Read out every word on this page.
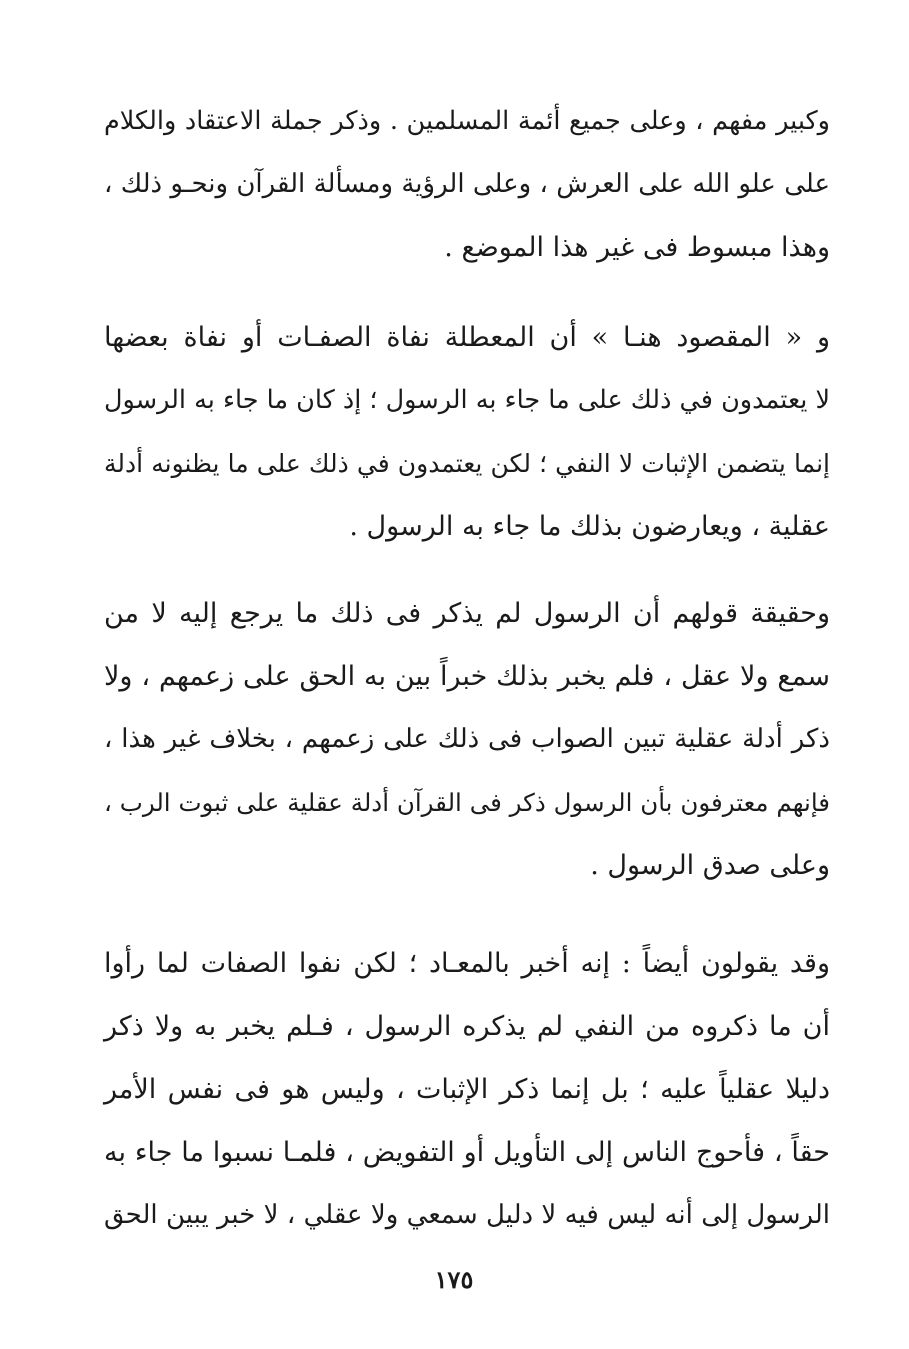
وكبير مفهم ، وعلى جميع أئمة المسلمين . وذكر جملة الاعتقاد والكلام
على علو الله على العرش ، وعلى الرؤية ومسألة القرآن ونحـو ذلك ،
وهذا مبسوط فى غير هذا الموضع .
و « المقصود هنـا » أن المعطلة نفاة الصفـات أو نفاة بعضها
لا يعتمدون في ذلك على ما جاء به الرسول ؛ إذ كان ما جاء به الرسول
إنما يتضمن الإثبات لا النفي ؛ لكن يعتمدون في ذلك على ما يظنونه أدلة
عقلية ، ويعارضون بذلك ما جاء به الرسول .
وحقيقة قولهم أن الرسول لم يذكر فى ذلك ما يرجع إليه لا من
سمع ولا عقل ، فلم يخبر بذلك خبراً بين به الحق على زعمهم ، ولا
ذكر أدلة عقلية تبين الصواب فى ذلك على زعمهم ، بخلاف غير هذا ،
فإنهم معترفون بأن الرسول ذكر فى القرآن أدلة عقلية على ثبوت الرب ،
وعلى صدق الرسول .
وقد يقولون أيضاً : إنه أخبر بالمعـاد ؛ لكن نفوا الصفات لما رأوا
أن ما ذكروه من النفي لم يذكره الرسول ، فـلم يخبر به ولا ذكر
دليلا عقلياً عليه ؛ بل إنما ذكر الإثبات ، وليس هو فى نفس الأمر
حقاً ، فأحوج الناس إلى التأويل أو التفويض ، فلمـا نسبوا ما جاء به
الرسول إلى أنه ليس فيه لا دليل سمعي ولا عقلي ، لا خبر يبين الحق
١٧٥
